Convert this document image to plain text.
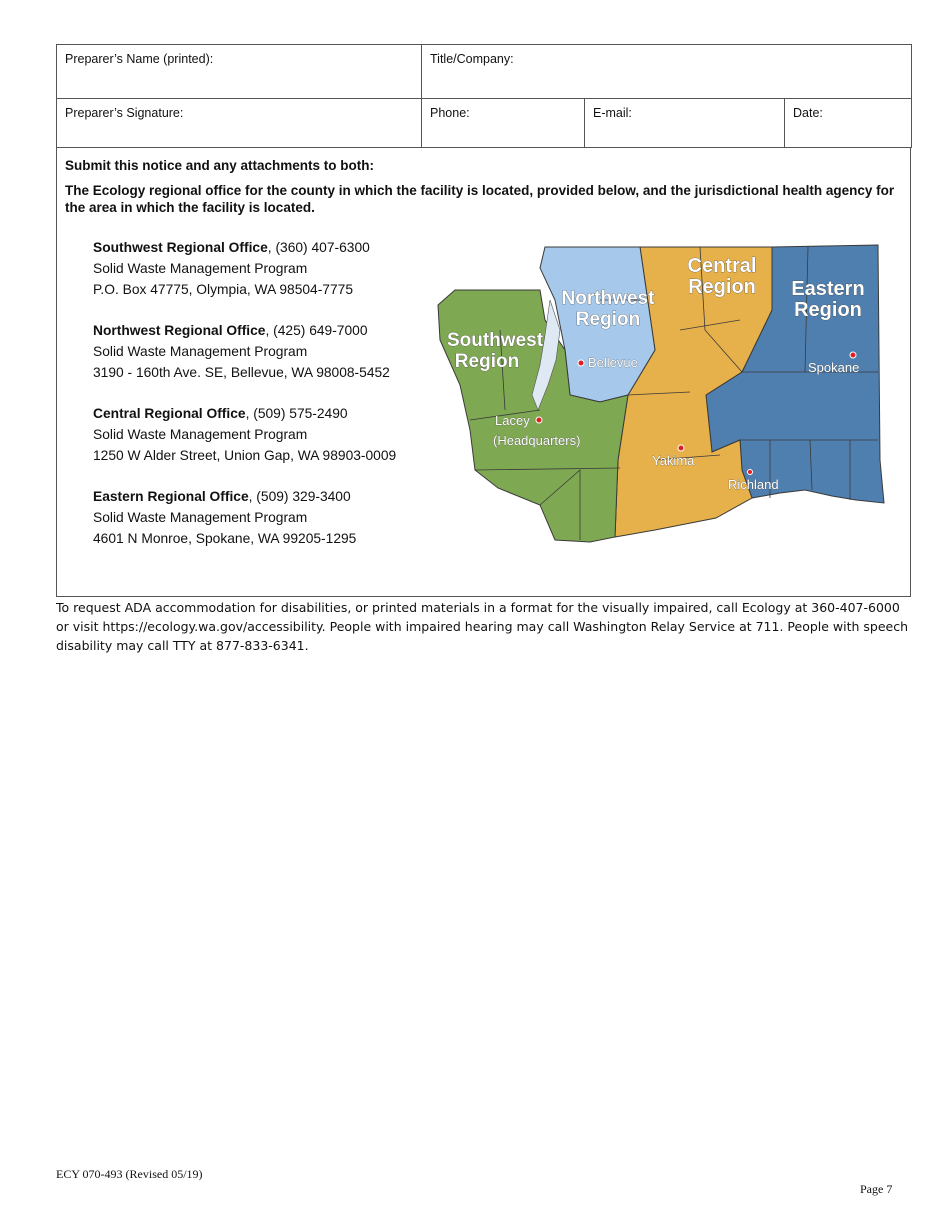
Preparer’s Name (printed):	Title/Company:		
Preparer’s Signature:	Phone:	E-mail:	Date:
Submit this notice and any attachments to both:
The Ecology regional office for the county in which the facility is located, provided below, and the jurisdictional health agency for the area in which the facility is located.
Southwest Regional Office, (360) 407-6300
Solid Waste Management Program
P.O. Box 47775, Olympia, WA 98504-7775
Northwest Regional Office, (425) 649-7000
Solid Waste Management Program
3190 - 160th Ave. SE, Bellevue, WA 98008-5452
Central Regional Office, (509) 575-2490
Solid Waste Management Program
1250 W Alder Street, Union Gap, WA 98903-0009
Eastern Regional Office, (509) 329-3400
Solid Waste Management Program
4601 N Monroe, Spokane, WA 99205-1295
Central
Region Eastern
Region
Northwest
Region
Southwest
Region	Bellevue
Lacey
(Headquarters)
Yakima
Richland
Spokane
To request ADA accommodation for disabilities, or printed materials in a format for the visually impaired, call Ecology at 360-407-6000 or visit https://ecology.wa.gov/accessibility. People with impaired hearing may call Washington Relay Service at 711. People with speech disability may call TTY at 877-833-6341.
ECY 070-493 (Revised 05/19)
Page 7
